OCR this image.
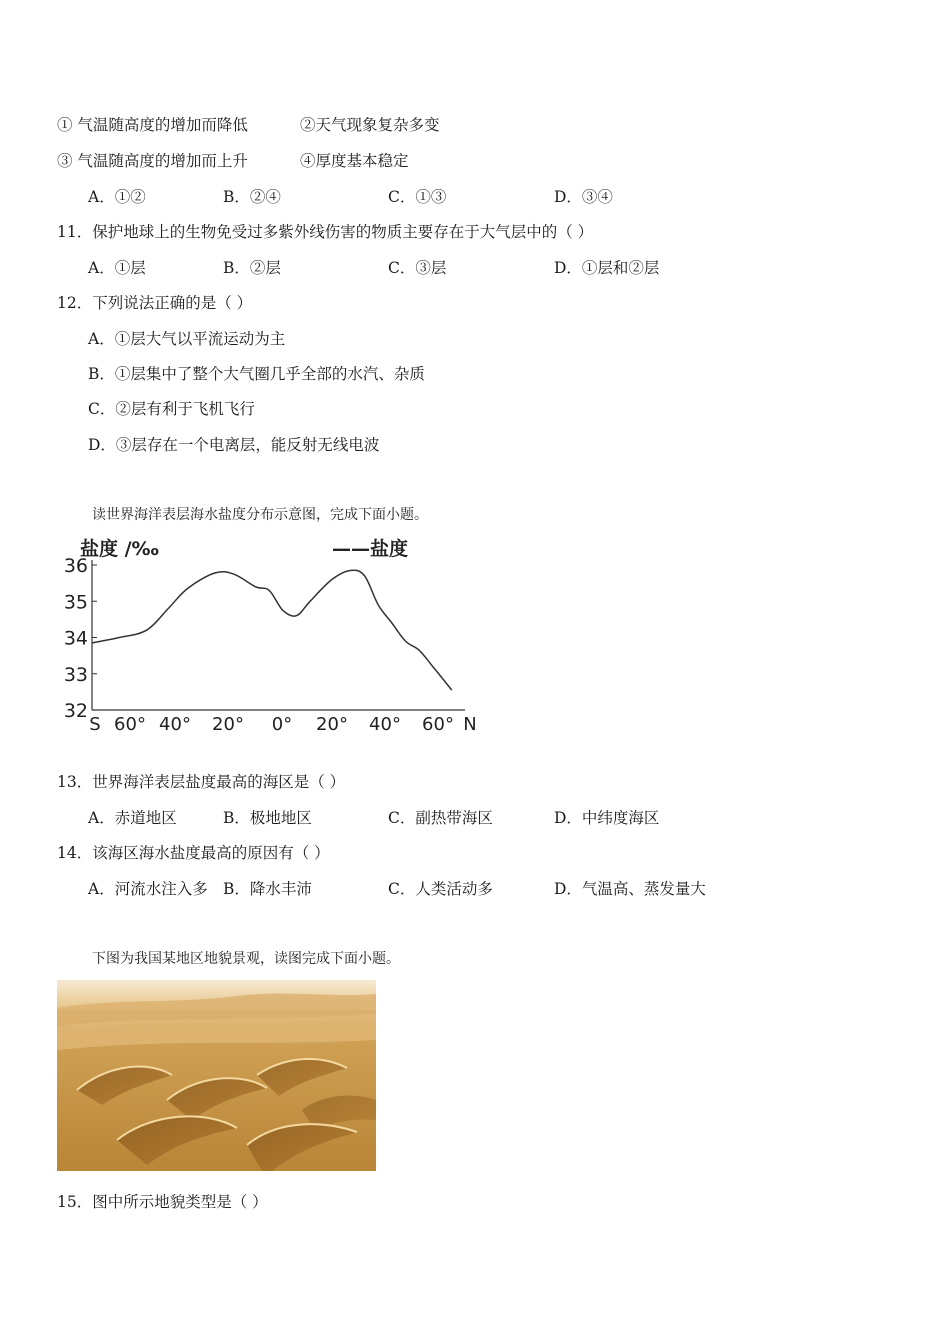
① 气温随高度的增加而降低	②天气现象复杂多变
③ 气温随高度的增加而上升	④厚度基本稳定
A．①②	B．②④	C．①③	D．③④
11．保护地球上的生物免受过多紫外线伤害的物质主要存在于大气层中的（ ）
A．①层	B．②层	C．③层	D．①层和②层
12．下列说法正确的是（ ）
A．①层大气以平流运动为主
B．①层集中了整个大气圈几乎全部的水汽、杂质
C．②层有利于飞机飞行
D．③层存在一个电离层，能反射无线电波
读世界海洋表层海水盐度分布示意图，完成下面小题。
盐度 /‰	——盐度
36
35
34
33
32
S 60° 40° 20° 0° 20° 40° 60° N
13．世界海洋表层盐度最高的海区是（ ）
A．赤道地区	B．极地地区	C．副热带海区	D．中纬度海区
14．该海区海水盐度最高的原因有（ ）
A．河流水注入多 B．降水丰沛	C．人类活动多	D．气温高、蒸发量大
下图为我国某地区地貌景观，读图完成下面小题。
15．图中所示地貌类型是（ ）
